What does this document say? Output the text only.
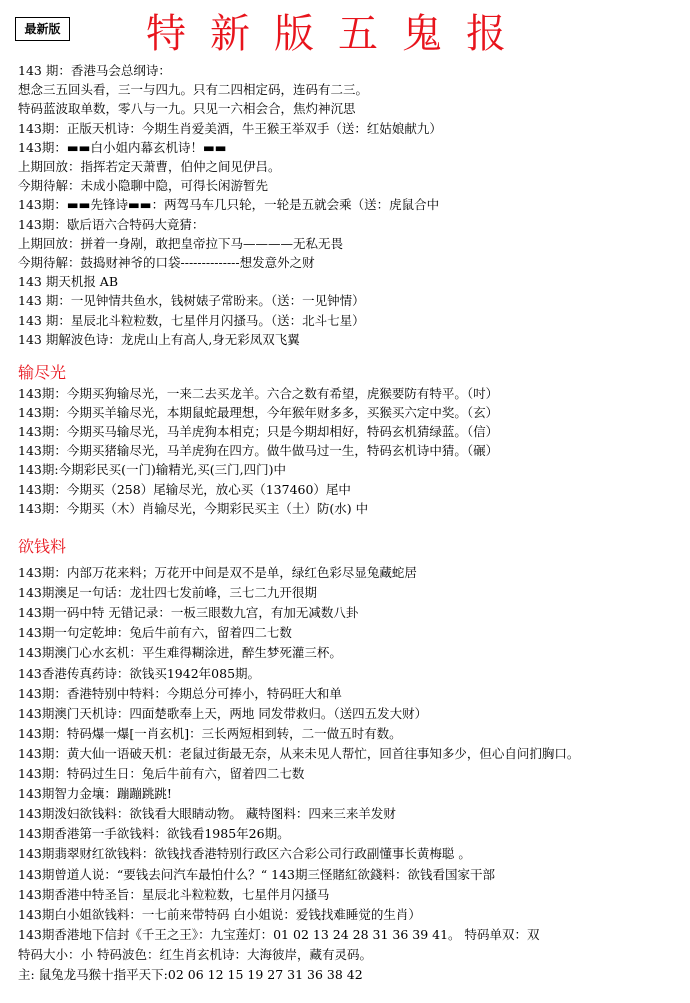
最新版	特新版五鬼报
143 期：香港马会总纲诗：
想念三五回头看，三一与四九。只有二四相定码，连码有二三。
特码蓝波取单数，零八与一九。只见一六相会合，焦灼神沉思
143期：正版天机诗：今期生肖爱美酒，牛王猴王举双手（送：红姑娘献九）
143期：▬▬白小姐内幕玄机诗！▬▬
上期回放：指挥若定天萧曹，伯仲之间见伊吕。
今期待解：未成小隐聊中隐，可得长闲游暂先
143期：▬▬先锋诗▬▬：两驾马车几只轮，一轮是五就会乘（送：虎鼠合中
143期：歇后语六合特码大竟猜：
上期回放：拼着一身剐，敢把皇帝拉下马————无私无畏
今期待解：鼓捣财神爷的口袋--------------想发意外之财
143 期天机报 AB
143 期：一见钟情共鱼水，钱树婊子常盼来。（送：一见钟情）
143 期：星辰北斗粒粒数，七星伴月闪搔马。（送：北斗七星）
143 期解波色诗：龙虎山上有高人,身无彩凤双飞翼
输尽光
143期：今期买狗输尽光，一来二去买龙羊。六合之数有希望，虎猴要防有特平。（吋）
143期：今期买羊输尽光，本期鼠蛇最理想，今年猴年财多多，买猴买六定中奖。（玄）
143期：今期买马输尽光，马羊虎狗本相克；只是今期却相好，特码玄机猜绿蓝。（信）
143期：今期买猪输尽光，马羊虎狗在四方。做牛做马过一生，特码玄机诗中猜。（碾）
143期:今期彩民买(一门)输精光,买(三门,四门)中
143期：今期买（258）尾输尽光，放心买（137460）尾中
143期：今期买（木）肖输尽光，今期彩民买主（土）防(水) 中
欲钱料
143期：内部万花来料；万花开中间是双不是单，绿红色彩尽显兔藏蛇居
143期澳足一句话：龙壮四七发前峰，三七二九开很期
143期一码中特 无错记录：一板三眼数九宫，有加无减数八卦
143期一句定乾坤：兔后牛前有六，留着四二七数
143期澳门心水玄机：平生难得糊涂进，醉生梦死灌三杯。
143香港传真药诗：欲钱买1942年085期。
143期：香港特别中特料：今期总分可捧小，特码旺大和单
143期澳门天机诗：四面楚歌奉上天，两地 同发带救归。（送四五发大财）
143期：特码爆一爆[一肖玄机]：三长两短相到转，二一做五时有数。
143期：黄大仙一语破天机：老鼠过街最无奈，从来未见人帮忙，回首往事知多少，但心自问扪胸口。
143期：特码过生日：兔后牛前有六，留着四二七数
143期智力金壤：蹦蹦跳跳!
143期泼妇欲钱料：欲钱看大眼睛动物。 藏特图料：四来三来羊发财
143期香港第一手欲钱料：欲钱看1985年26期。
143期翡翠财红欲钱料：欲钱找香港特别行政区六合彩公司行政副懂事长黄梅聪 。
143期曾道人说：“要钱去问汽车最怕什么？“ 143期三怪賭紅欲錢料：欲钱看国家干部
143期香港中特圣旨：星辰北斗粒粒数，七星伴月闪搔马
143期白小姐欲钱料：一七前来带特码 白小姐说：爱钱找难睡觉的生肖）
143期香港地下信封《千王之王》：九宝莲灯：01 02 13 24 28 31 36 39 41。 特码单双：双
特码大小：小 特码波色：红生肖玄机诗：大海彼岸，藏有灵码。
主: 鼠兔龙马猴十指平天下:02 06 12 15 19 27 31 36 38 42
